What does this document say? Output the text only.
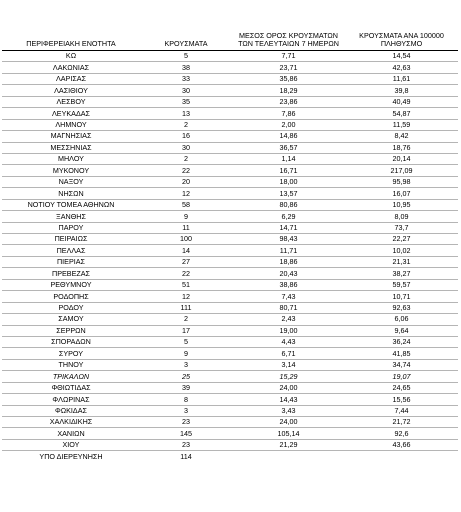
ΠΕΡΙΦΕΡΕΙΑΚΗ ΕΝΟΤΗΤΑ	ΚΡΟΥΣΜΑΤΑ	ΜΕΣΟΣ ΟΡΟΣ ΚΡΟΥΣΜΑΤΩΝ ΤΩΝ ΤΕΛΕΥΤΑΙΩΝ 7 ΗΜΕΡΩΝ	ΚΡΟΥΣΜΑΤΑ ΑΝΑ 100000 ΠΛΗΘΥΣΜΟ
ΚΩ	5	7,71	14,54
ΛΑΚΩΝΙΑΣ	38	23,71	42,63
ΛΑΡΙΣΑΣ	33	35,86	11,61
ΛΑΣΙΘΙΟΥ	30	18,29	39,8
ΛΕΣΒΟΥ	35	23,86	40,49
ΛΕΥΚΑΔΑΣ	13	7,86	54,87
ΛΗΜΝΟΥ	2	2,00	11,59
ΜΑΓΝΗΣΙΑΣ	16	14,86	8,42
ΜΕΣΣΗΝΙΑΣ	30	36,57	18,76
ΜΗΛΟΥ	2	1,14	20,14
ΜΥΚΟΝΟΥ	22	16,71	217,09
ΝΑΞΟΥ	20	18,00	95,98
ΝΗΣΩΝ	12	13,57	16,07
ΝΟΤΙΟΥ ΤΟΜΕΑ ΑΘΗΝΩΝ	58	80,86	10,95
ΞΑΝΘΗΣ	9	6,29	8,09
ΠΑΡΟΥ	11	14,71	73,7
ΠΕΙΡΑΙΩΣ	100	98,43	22,27
ΠΕΛΛΑΣ	14	11,71	10,02
ΠΙΕΡΙΑΣ	27	18,86	21,31
ΠΡΕΒΕΖΑΣ	22	20,43	38,27
ΡΕΘΥΜΝΟΥ	51	38,86	59,57
ΡΟΔΟΠΗΣ	12	7,43	10,71
ΡΟΔΟΥ	111	80,71	92,63
ΣΑΜΟΥ	2	2,43	6,06
ΣΕΡΡΩΝ	17	19,00	9,64
ΣΠΟΡΑΔΩΝ	5	4,43	36,24
ΣΥΡΟΥ	9	6,71	41,85
ΤΗΝΟΥ	3	3,14	34,74
ΤΡΙΚΑΛΩΝ	25	15,29	19,07
ΦΘΙΩΤΙΔΑΣ	39	24,00	24,65
ΦΛΩΡΙΝΑΣ	8	14,43	15,56
ΦΩΚΙΔΑΣ	3	3,43	7,44
ΧΑΛΚΙΔΙΚΗΣ	23	24,00	21,72
ΧΑΝΙΩΝ	145	105,14	92,6
ΧΙΟΥ	23	21,29	43,66
ΥΠΟ ΔΙΕΡΕΥΝΗΣΗ	114		
